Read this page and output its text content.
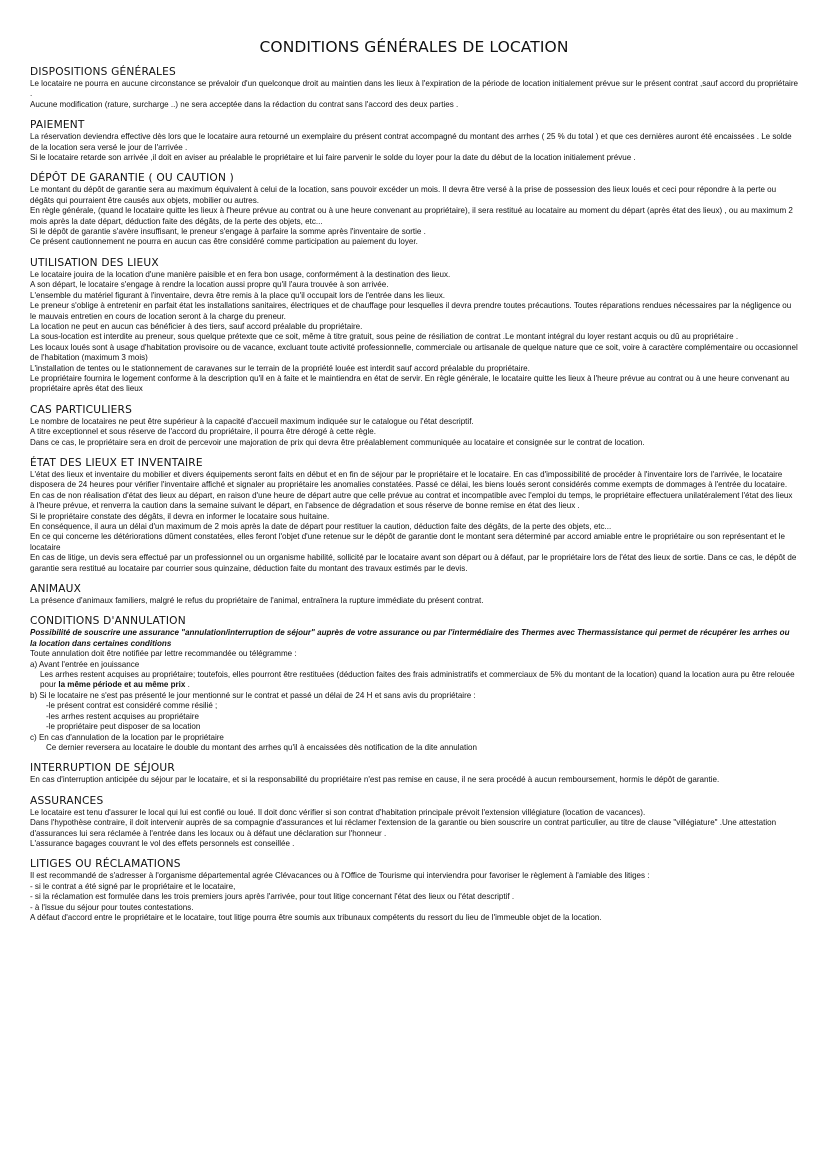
CONDITIONS GÉNÉRALES DE LOCATION
DISPOSITIONS GÉNÉRALES

Le locataire ne pourra en aucune circonstance se prévaloir d'un quelconque droit au maintien dans les lieux à l'expiration de la période de location initialement prévue sur le présent contrat ,sauf accord du propriétaire .

Aucune modification (rature, surcharge ..) ne sera acceptée dans la rédaction du contrat sans l'accord des deux parties .

PAIEMENT

La réservation deviendra effective dès lors que le locataire aura retourné un exemplaire du présent contrat accompagné du montant des arrhes ( 25 % du total ) et que ces dernières auront été encaissées . Le solde de la location sera versé le jour de l'arrivée .

Si le locataire retarde son arrivée ,il doit en aviser au préalable le propriétaire et lui faire parvenir le solde du loyer pour la date du début de la location initialement prévue .

DÉPÔT DE GARANTIE ( OU CAUTION )

Le montant du dépôt de garantie sera au maximum équivalent à celui de la location, sans pouvoir excéder un mois. Il devra être versé à la prise de possession des lieux loués et ceci pour répondre à la perte ou dégâts qui pourraient être causés aux objets, mobilier ou autres.

En règle générale, (quand le locataire quitte les lieux à l'heure prévue au contrat ou à une heure convenant au propriétaire), il sera restitué au locataire au moment du départ (après état des lieux) , ou au maximum 2 mois après la date départ, déduction faite des dégâts, de la perte des objets, etc...

Si le dépôt de garantie s'avère insuffisant, le preneur s'engage à parfaire la somme après l'inventaire de sortie .

Ce présent cautionnement ne pourra en aucun cas être considéré comme participation au paiement du loyer.

UTILISATION DES LIEUX

Le locataire jouira de la location d'une manière paisible et en fera bon usage, conformément à la destination des lieux.

A son départ, le locataire s'engage à rendre la location aussi propre qu'il l'aura trouvée à son arrivée.

L'ensemble du matériel figurant à l'inventaire, devra être remis à la place qu'il occupait lors de l'entrée dans les lieux.

Le preneur s'oblige à entretenir en parfait état les installations sanitaires, électriques et de chauffage pour lesquelles il devra prendre toutes précautions. Toutes réparations rendues nécessaires par la négligence ou le mauvais entretien en cours de location seront à la charge du preneur.

La location ne peut en aucun cas bénéficier à des tiers, sauf accord préalable du propriétaire.

La sous-location est interdite au preneur, sous quelque prétexte que ce soit, même à titre gratuit, sous peine de résiliation de contrat .Le montant intégral du loyer restant acquis ou dû au propriétaire .

Les locaux loués sont à usage d'habitation provisoire ou de vacance, excluant toute activité professionnelle, commerciale ou artisanale de quelque nature que ce soit, voire à caractère complémentaire ou occasionnel de l'habitation (maximum 3 mois)

L'installation de tentes ou le stationnement de caravanes sur le terrain de la propriété louée est interdit sauf accord préalable du propriétaire.

Le propriétaire fournira le logement conforme à la description qu'il en à faite et le maintiendra en état de servir. En règle générale, le locataire quitte les lieux à l'heure prévue au contrat ou à une heure convenant au propriétaire après état des lieux

CAS PARTICULIERS

Le nombre de locataires ne peut être supérieur à la capacité d'accueil maximum indiquée sur le catalogue ou l'état descriptif.

A titre exceptionnel et sous réserve de l'accord du propriétaire, il pourra être dérogé à cette règle.

Dans ce cas, le propriétaire sera en droit de percevoir une majoration de prix qui devra être préalablement communiquée au locataire et consignée sur le contrat de location.

ÉTAT DES LIEUX ET INVENTAIRE

L'état des lieux et inventaire du mobilier et divers équipements seront faits en début et en fin de séjour par le propriétaire et le locataire. En cas d'impossibilité de procéder à l'inventaire lors de l'arrivée, le locataire disposera de 24 heures pour vérifier l'inventaire affiché et signaler au propriétaire les anomalies constatées. Passé ce délai, les biens loués seront considérés comme exempts de dommages à l'entrée du locataire.

En cas de non réalisation d'état des lieux au départ, en raison d'une heure de départ autre que celle prévue au contrat et incompatible avec l'emploi du temps, le propriétaire effectuera unilatéralement l'état des lieux à l'heure prévue, et renverra la caution dans la semaine suivant le départ, en l'absence de dégradation et sous réserve de bonne remise en état des lieux .

Si le propriétaire constate des dégâts, il devra en informer le locataire sous huitaine.

En conséquence, il aura un délai d'un maximum de 2 mois après la date de départ pour restituer la caution, déduction faite des dégâts, de la perte des objets, etc...

En ce qui concerne les détériorations dûment constatées, elles feront l'objet d'une retenue sur le dépôt de garantie dont le montant sera déterminé par accord amiable entre le propriétaire ou son représentant et le locataire

En cas de litige, un devis sera effectué par un professionnel ou un organisme habilité, sollicité par le locataire avant son départ ou à défaut, par le propriétaire lors de l'état des lieux de sortie. Dans ce cas, le dépôt de garantie sera restitué au locataire par courrier sous quinzaine, déduction faite du montant des travaux estimés par le devis.

ANIMAUX

La présence d'animaux familiers, malgré le refus du propriétaire de l'animal, entraînera la rupture immédiate du présent contrat.

CONDITIONS D'ANNULATION

Possibilité de souscrire une assurance "annulation/interruption de séjour" auprès de votre assurance ou par l'intermédiaire des Thermes avec Thermassistance qui permet de récupérer les arrhes ou la location dans certaines conditions

Toute annulation doit être notifiée par lettre recommandée ou télégramme :

a) Avant l'entrée en jouissance

Les arrhes restent acquises au propriétaire; toutefois, elles pourront être restituées (déduction faites des frais administratifs et commerciaux de 5% du montant de la location) quand la location aura pu être relouée pour la même période et au même prix .

b) Si le locataire ne s'est pas présenté le jour mentionné sur le contrat et passé un délai de 24 H et sans avis du propriétaire :

-le présent contrat est considéré comme résilié ;

-les arrhes restent acquises au propriétaire

-le propriétaire peut disposer de sa location

c) En cas d'annulation de la location par le propriétaire

Ce dernier reversera au locataire le double du montant des arrhes qu'il à encaissées dès notification de la dite annulation

INTERRUPTION DE SÉJOUR

En cas d'interruption anticipée du séjour par le locataire, et si la responsabilité du propriétaire n'est pas remise en cause, il ne sera procédé à aucun remboursement, hormis le dépôt de garantie.

ASSURANCES

Le locataire est tenu d'assurer le local qui lui est confié ou loué. Il doit donc vérifier si son contrat d'habitation principale prévoit l'extension villégiature (location de vacances).

Dans l'hypothèse contraire, il doit intervenir auprès de sa compagnie d'assurances et lui réclamer l'extension de la garantie ou bien souscrire un contrat particulier, au titre de clause "villégiature" .Une attestation d'assurances lui sera réclamée à l'entrée dans les locaux ou à défaut une déclaration sur l'honneur .

L'assurance bagages couvrant le vol des effets personnels est conseillée .

LITIGES OU RÉCLAMATIONS

Il est recommandé de s'adresser à l'organisme départemental agrée Clévacances ou à l'Office de Tourisme qui interviendra pour favoriser le règlement à l'amiable des litiges :

- si le contrat a été signé par le propriétaire et le locataire,

- si la réclamation est formulée dans les trois premiers jours après l'arrivée, pour tout litige concernant l'état des lieux ou l'état descriptif .

- à l'issue du séjour pour toutes contestations.

A défaut d'accord entre le propriétaire et le locataire, tout litige pourra être soumis aux tribunaux compétents du ressort du lieu de l'immeuble objet de la location.
